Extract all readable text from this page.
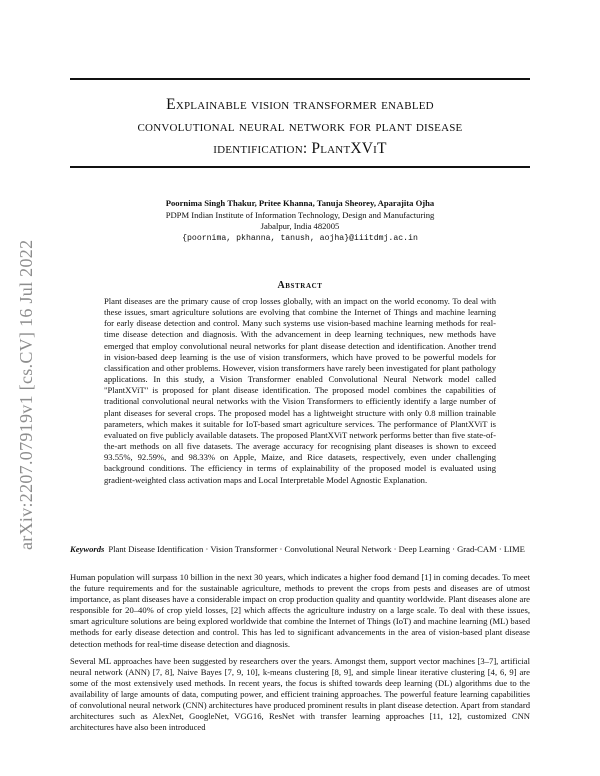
arXiv:2207.07919v1 [cs.CV] 16 Jul 2022
Explainable vision transformer enabled
convolutional neural network for plant disease
identification: PlantXViT
Poornima Singh Thakur, Pritee Khanna, Tanuja Sheorey, Aparajita Ojha
PDPM Indian Institute of Information Technology, Design and Manufacturing
Jabalpur, India 482005
{poornima, pkhanna, tanush, aojha}@iiitdmj.ac.in
Abstract
Plant diseases are the primary cause of crop losses globally, with an impact on the world economy. To deal with these issues, smart agriculture solutions are evolving that combine the Internet of Things and machine learning for early disease detection and control. Many such systems use vision-based machine learning methods for real-time disease detection and diagnosis. With the advancement in deep learning techniques, new methods have emerged that employ convolutional neural networks for plant disease detection and identification. Another trend in vision-based deep learning is the use of vision transformers, which have proved to be powerful models for classification and other problems. However, vision transformers have rarely been investigated for plant pathology applications. In this study, a Vision Transformer enabled Convolutional Neural Network model called "PlantXViT" is proposed for plant disease identification. The proposed model combines the capabilities of traditional convolutional neural networks with the Vision Transformers to efficiently identify a large number of plant diseases for several crops. The proposed model has a lightweight structure with only 0.8 million trainable parameters, which makes it suitable for IoT-based smart agriculture services. The performance of PlantXViT is evaluated on five publicly available datasets. The proposed PlantXViT network performs better than five state-of-the-art methods on all five datasets. The average accuracy for recognising plant diseases is shown to exceed 93.55%, 92.59%, and 98.33% on Apple, Maize, and Rice datasets, respectively, even under challenging background conditions. The efficiency in terms of explainability of the proposed model is evaluated using gradient-weighted class activation maps and Local Interpretable Model Agnostic Explanation.
Keywords Plant Disease Identification · Vision Transformer · Convolutional Neural Network · Deep Learning · Grad-CAM · LIME

Human population will surpass 10 billion in the next 30 years, which indicates a higher food demand [1] in coming decades. To meet the future requirements and for the sustainable agriculture, methods to prevent the crops from pests and diseases are of utmost importance, as plant diseases have a considerable impact on crop production quality and quantity worldwide. Plant diseases alone are responsible for 20–40% of crop yield losses, [2] which affects the agriculture industry on a large scale. To deal with these issues, smart agriculture solutions are being explored worldwide that combine the Internet of Things (IoT) and machine learning (ML) based methods for early disease detection and control. This has led to significant advancements in the area of vision-based plant disease detection methods for real-time disease detection and diagnosis.

Several ML approaches have been suggested by researchers over the years. Amongst them, support vector machines [3–7], artificial neural network (ANN) [7, 8], Naive Bayes [7, 9, 10], k-means clustering [8, 9], and simple linear iterative clustering [4, 6, 9] are some of the most extensively used methods. In recent years, the focus is shifted towards deep learning (DL) algorithms due to the availability of large amounts of data, computing power, and efficient training approaches. The powerful feature learning capabilities of convolutional neural network (CNN) architectures have produced prominent results in plant disease detection. Apart from standard architectures such as AlexNet, GoogleNet, VGG16, ResNet with transfer learning approaches [11, 12], customized CNN architectures have also been introduced
